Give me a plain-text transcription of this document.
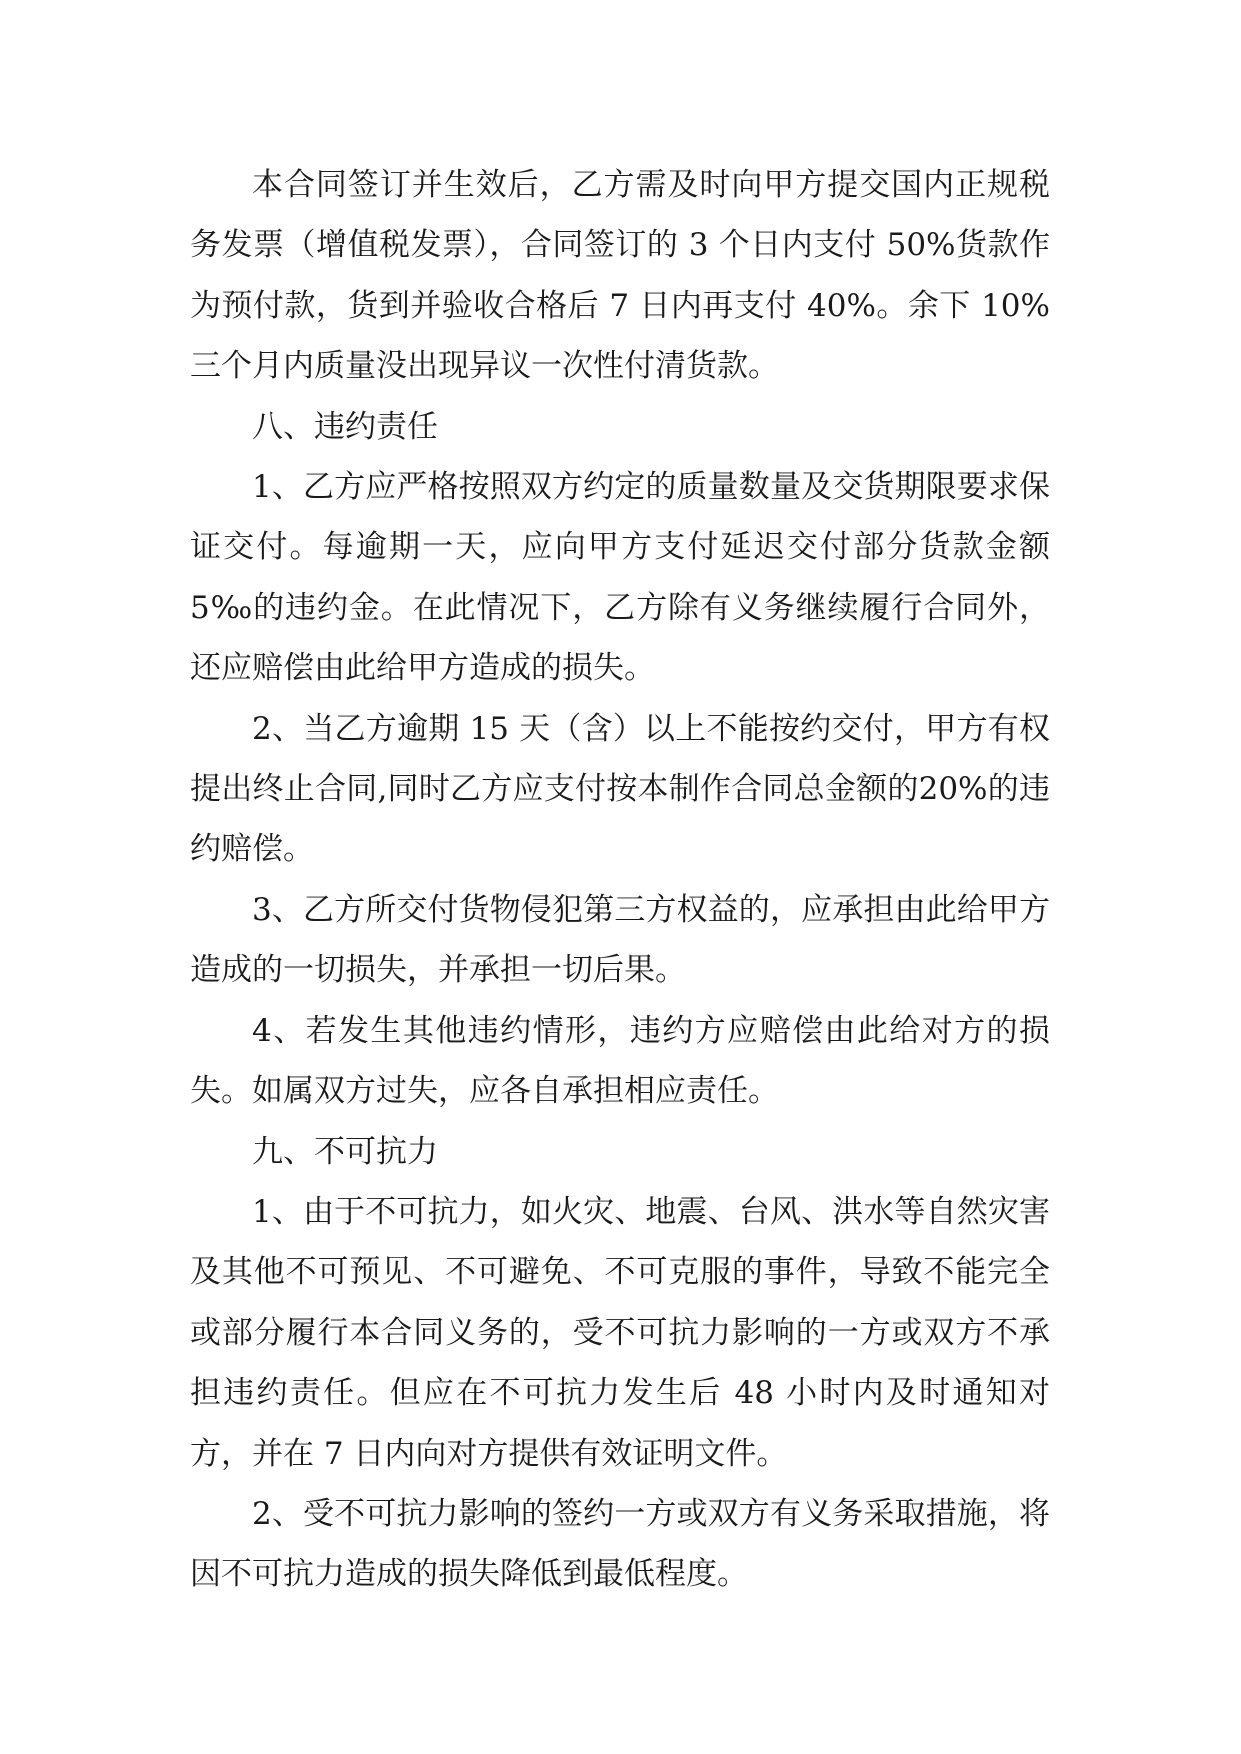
本合同签订并生效后，乙方需及时向甲方提交国内正规税务发票（增值税发票），合同签订的 3 个日内支付 50%货款作为预付款，货到并验收合格后 7 日内再支付 40%。余下 10%三个月内质量没出现异议一次性付清货款。

八、违约责任

1、乙方应严格按照双方约定的质量数量及交货期限要求保证交付。每逾期一天，应向甲方支付延迟交付部分货款金额 5‰的违约金。在此情况下，乙方除有义务继续履行合同外，还应赔偿由此给甲方造成的损失。

2、当乙方逾期 15 天（含）以上不能按约交付，甲方有权提出终止合同,同时乙方应支付按本制作合同总金额的20%的违约赔偿。

3、乙方所交付货物侵犯第三方权益的，应承担由此给甲方造成的一切损失，并承担一切后果。

4、若发生其他违约情形，违约方应赔偿由此给对方的损失。如属双方过失，应各自承担相应责任。

九、不可抗力

1、由于不可抗力，如火灾、地震、台风、洪水等自然灾害及其他不可预见、不可避免、不可克服的事件，导致不能完全或部分履行本合同义务的，受不可抗力影响的一方或双方不承担违约责任。但应在不可抗力发生后 48 小时内及时通知对方，并在 7 日内向对方提供有效证明文件。

2、受不可抗力影响的签约一方或双方有义务采取措施，将因不可抗力造成的损失降低到最低程度。
